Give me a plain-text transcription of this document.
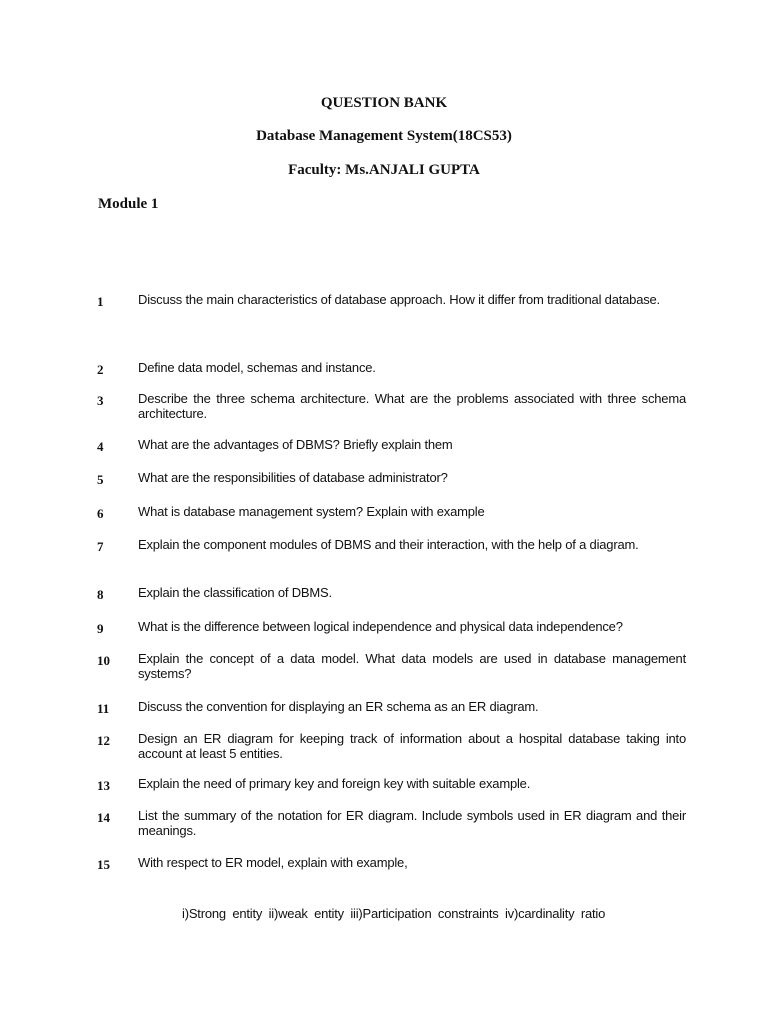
QUESTION BANK
Database Management System(18CS53)
Faculty: Ms.ANJALI GUPTA
Module 1
1	Discuss the main characteristics of database approach. How it differ from traditional database.
2	Define data model, schemas and instance.
3	Describe the three schema architecture. What are the problems associated with three schema architecture.
4	What are the advantages of DBMS? Briefly explain them
5	What are the responsibilities of database administrator?
6	What is database management system? Explain with example
7	Explain the component modules of DBMS and their interaction, with the help of a diagram.
8	Explain the classification of DBMS.
9	What is the difference between logical independence and physical data independence?
10 Explain the concept of a data model. What data models are used in database management systems?
11 Discuss the convention for displaying an ER schema as an ER diagram.
12 Design an ER diagram for keeping track of information about a hospital database taking into account at least 5 entities.
13 Explain the need of primary key and foreign key with suitable example.
14 List the summary of the notation for ER diagram. Include symbols used in ER diagram and their meanings.
15 With respect to ER model, explain with example,
i)Strong entity ii)weak entity iii)Participation constraints iv)cardinality ratio
